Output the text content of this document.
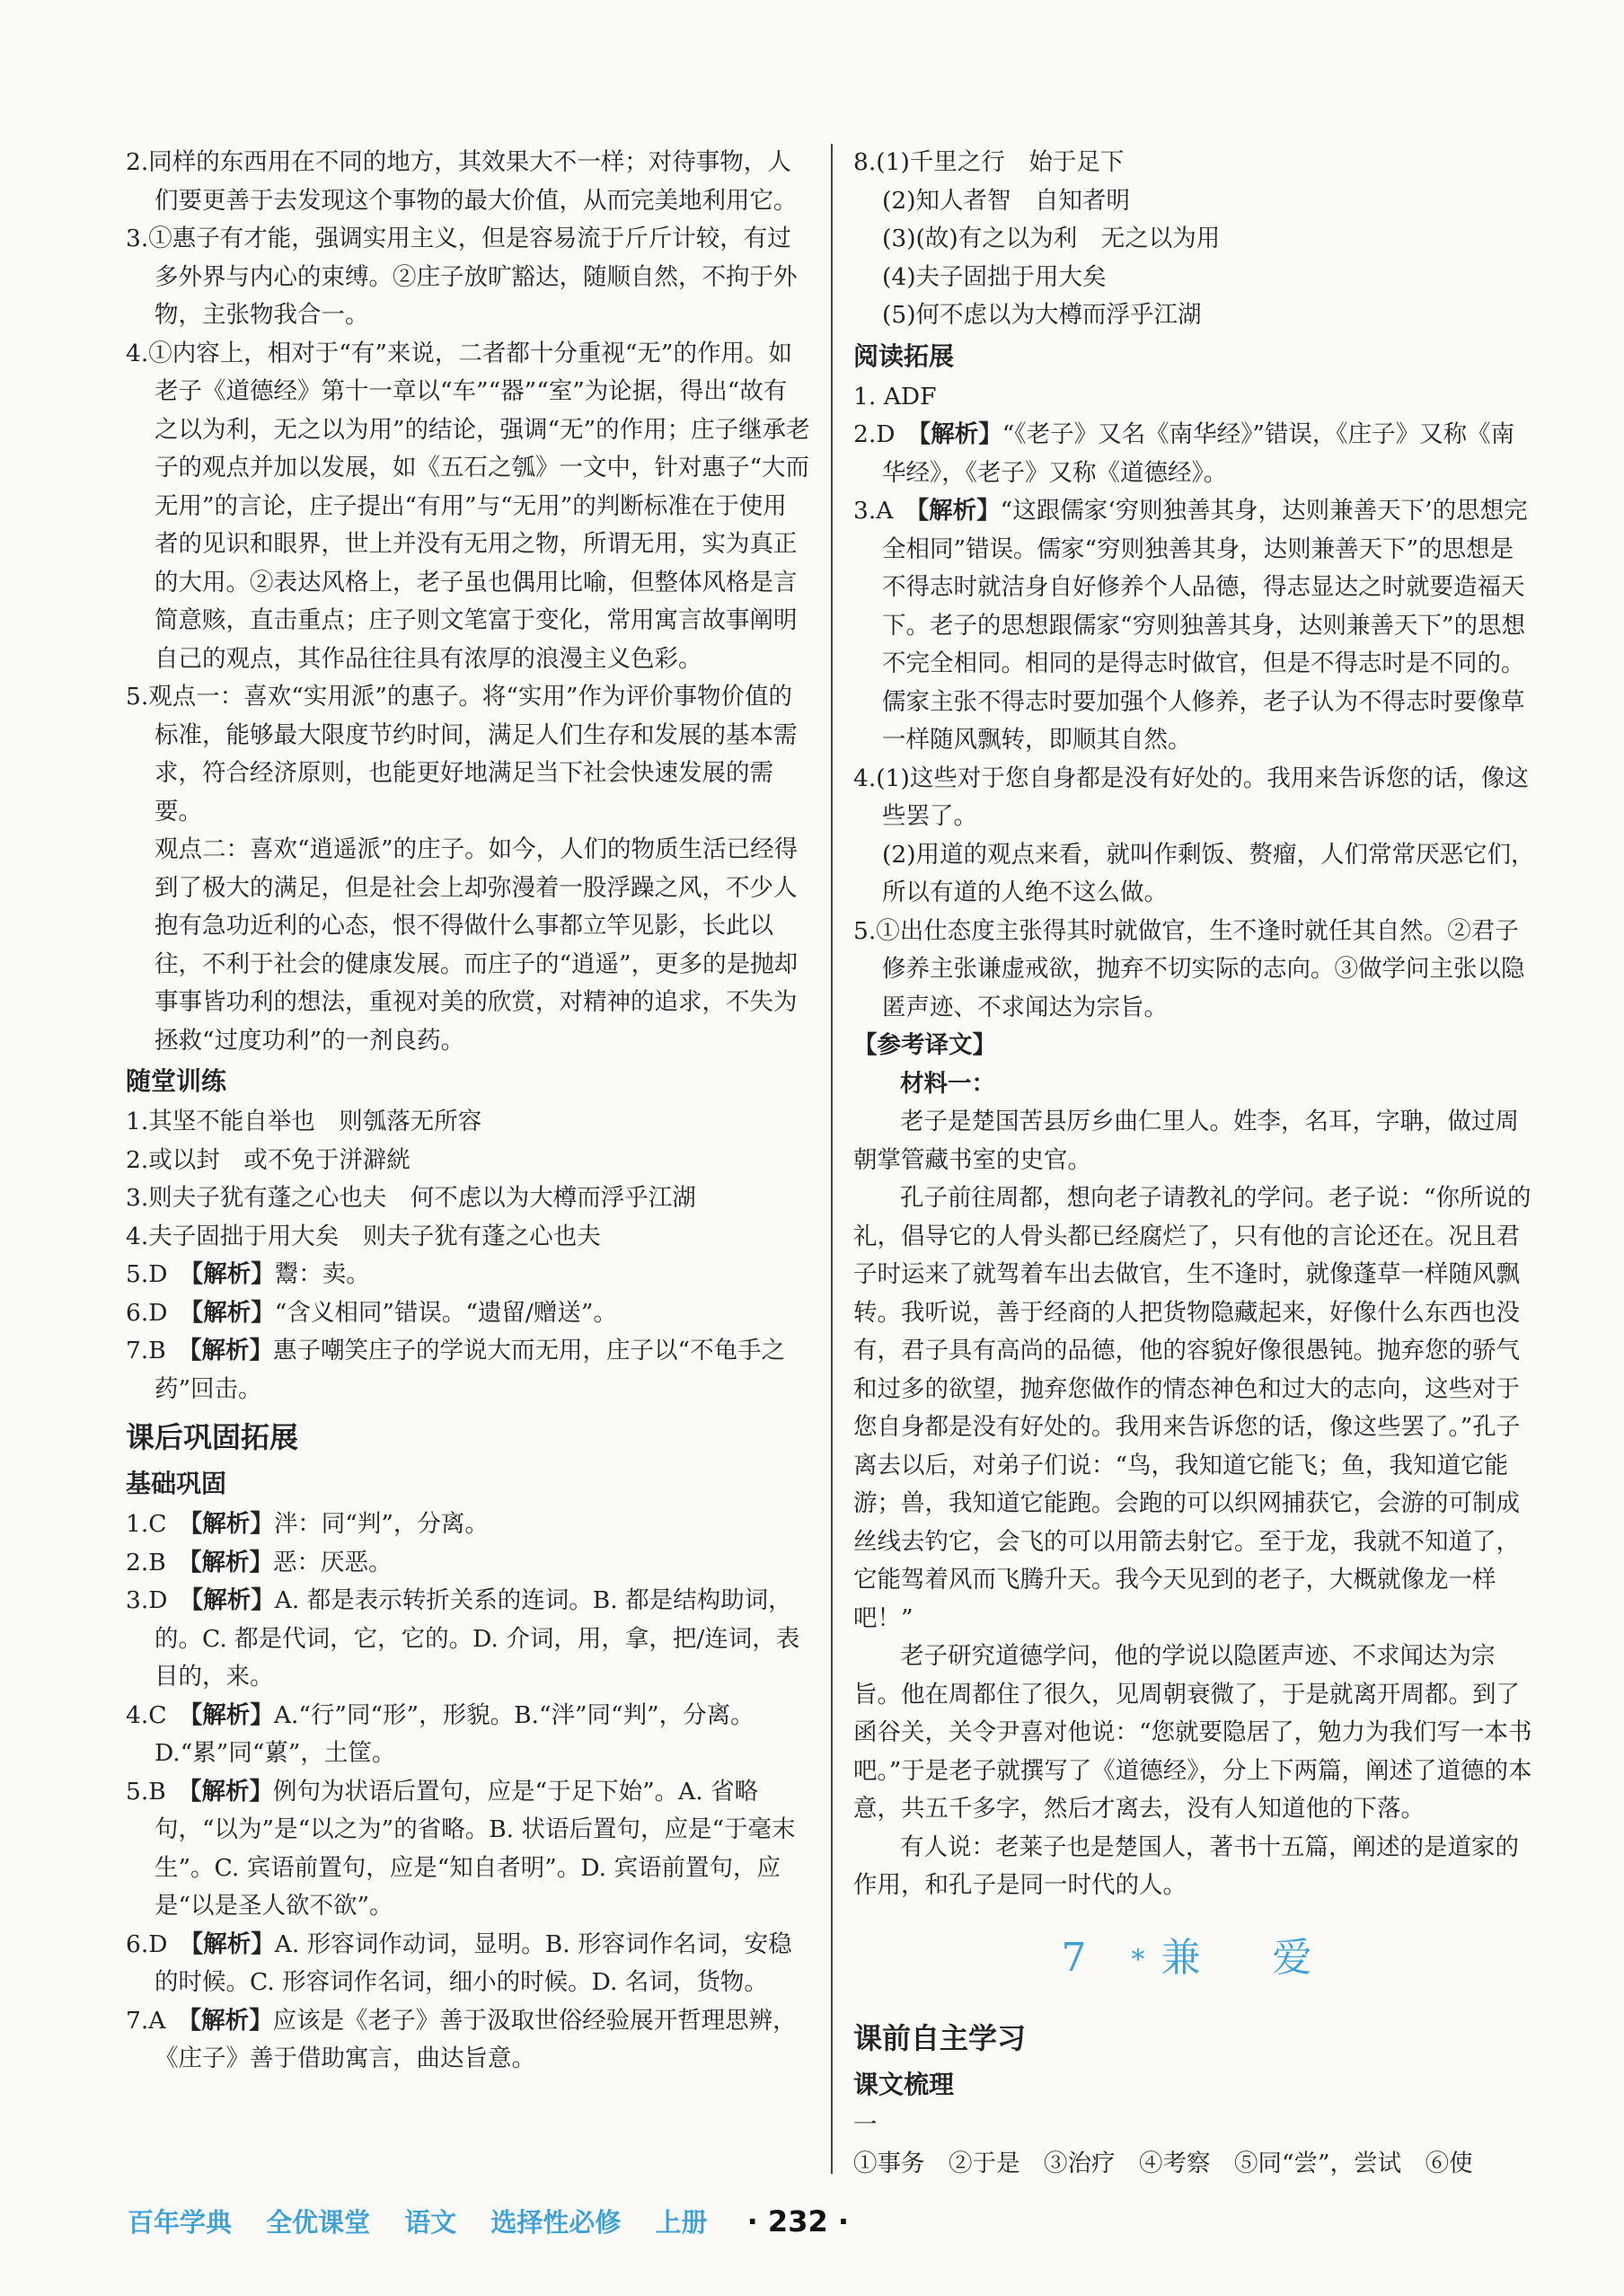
2.同样的东西用在不同的地方，其效果大不一样；对待事物，人们要更善于去发现这个事物的最大价值，从而完美地利用它。

3.①惠子有才能，强调实用主义，但是容易流于斤斤计较，有过多外界与内心的束缚。②庄子放旷豁达，随顺自然，不拘于外物，主张物我合一。

4.①内容上，相对于“有”来说，二者都十分重视“无”的作用。如老子《道德经》第十一章以“车”“器”“室”为论据，得出“故有之以为利，无之以为用”的结论，强调“无”的作用；庄子继承老子的观点并加以发展，如《五石之瓠》一文中，针对惠子“大而无用”的言论，庄子提出“有用”与“无用”的判断标准在于使用者的见识和眼界，世上并没有无用之物，所谓无用，实为真正的大用。②表达风格上，老子虽也偶用比喻，但整体风格是言简意赅，直击重点；庄子则文笔富于变化，常用寓言故事阐明自己的观点，其作品往往具有浓厚的浪漫主义色彩。

5.观点一：喜欢“实用派”的惠子。将“实用”作为评价事物价值的标准，能够最大限度节约时间，满足人们生存和发展的基本需求，符合经济原则，也能更好地满足当下社会快速发展的需要。

观点二：喜欢“逍遥派”的庄子。如今，人们的物质生活已经得到了极大的满足，但是社会上却弥漫着一股浮躁之风，不少人抱有急功近利的心态，恨不得做什么事都立竿见影，长此以往，不利于社会的健康发展。而庄子的“逍遥”，更多的是抛却事事皆功利的想法，重视对美的欣赏，对精神的追求，不失为拯救“过度功利”的一剂良药。

随堂训练

1.其坚不能自举也　则瓠落无所容

2.或以封　或不免于洴澼絖

3.则夫子犹有蓬之心也夫　何不虑以为大樽而浮乎江湖

4.夫子固拙于用大矣　则夫子犹有蓬之心也夫

5.D　【解析】鬻：卖。

6.D　【解析】“含义相同”错误。“遗留/赠送”。

7.B　【解析】惠子嘲笑庄子的学说大而无用，庄子以“不龟手之药”回击。

课后巩固拓展
基础巩固

1.C　【解析】泮：同“判”，分离。

2.B　【解析】恶：厌恶。

3.D　【解析】A. 都是表示转折关系的连词。B. 都是结构助词，的。C. 都是代词，它，它的。D. 介词，用，拿，把/连词，表目的，来。

4.C　【解析】A.“行”同“形”，形貌。B.“泮”同“判”，分离。D.“累”同“蔂”，土筐。

5.B　【解析】例句为状语后置句，应是“于足下始”。A. 省略句，“以为”是“以之为”的省略。B. 状语后置句，应是“于毫末生”。C. 宾语前置句，应是“知自者明”。D. 宾语前置句，应是“以是圣人欲不欲”。

6.D　【解析】A. 形容词作动词，显明。B. 形容词作名词，安稳的时候。C. 形容词作名词，细小的时候。D. 名词，货物。

7.A　【解析】应该是《老子》善于汲取世俗经验展开哲理思辨，《庄子》善于借助寓言，曲达旨意。

8.(1)千里之行　始于足下

(2)知人者智　自知者明

(3)(故)有之以为利　无之以为用

(4)夫子固拙于用大矣

(5)何不虑以为大樽而浮乎江湖

阅读拓展

1. ADF

2.D　【解析】“《老子》又名《南华经》”错误，《庄子》又称《南华经》，《老子》又称《道德经》。

3.A　【解析】“这跟儒家‘穷则独善其身，达则兼善天下’的思想完全相同”错误。儒家“穷则独善其身，达则兼善天下”的思想是不得志时就洁身自好修养个人品德，得志显达之时就要造福天下。老子的思想跟儒家“穷则独善其身，达则兼善天下”的思想不完全相同。相同的是得志时做官，但是不得志时是不同的。儒家主张不得志时要加强个人修养，老子认为不得志时要像草一样随风飘转，即顺其自然。

4.(1)这些对于您自身都是没有好处的。我用来告诉您的话，像这些罢了。

(2)用道的观点来看，就叫作剩饭、赘瘤，人们常常厌恶它们，所以有道的人绝不这么做。

5.①出仕态度主张得其时就做官，生不逢时就任其自然。②君子修养主张谦虚戒欲，抛弃不切实际的志向。③做学问主张以隐匿声迹、不求闻达为宗旨。

【参考译文】

材料一：

老子是楚国苦县厉乡曲仁里人。姓李，名耳，字聃，做过周朝掌管藏书室的史官。

孔子前往周都，想向老子请教礼的学问。老子说：“你所说的礼，倡导它的人骨头都已经腐烂了，只有他的言论还在。况且君子时运来了就驾着车出去做官，生不逢时，就像蓬草一样随风飘转。我听说，善于经商的人把货物隐藏起来，好像什么东西也没有，君子具有高尚的品德，他的容貌好像很愚钝。抛弃您的骄气和过多的欲望，抛弃您做作的情态神色和过大的志向，这些对于您自身都是没有好处的。我用来告诉您的话，像这些罢了。”孔子离去以后，对弟子们说：“鸟，我知道它能飞；鱼，我知道它能游；兽，我知道它能跑。会跑的可以织网捕获它，会游的可制成丝线去钓它，会飞的可以用箭去射它。至于龙，我就不知道了，它能驾着风而飞腾升天。我今天见到的老子，大概就像龙一样吧！”

老子研究道德学问，他的学说以隐匿声迹、不求闻达为宗旨。他在周都住了很久，见周朝衰微了，于是就离开周都。到了函谷关，关令尹喜对他说：“您就要隐居了，勉力为我们写一本书吧。”于是老子就撰写了《道德经》，分上下两篇，阐述了道德的本意，共五千多字，然后才离去，没有人知道他的下落。

有人说：老莱子也是楚国人，著书十五篇，阐述的是道家的作用，和孔子是同一时代的人。

7 *兼　爱
课前自主学习
课文梳理

一

①事务　②于是　③治疗　④考察　⑤同“尝”，尝试　⑥使

百年学典 全优课堂 语文 选择性必修 上册 · 232 ·
